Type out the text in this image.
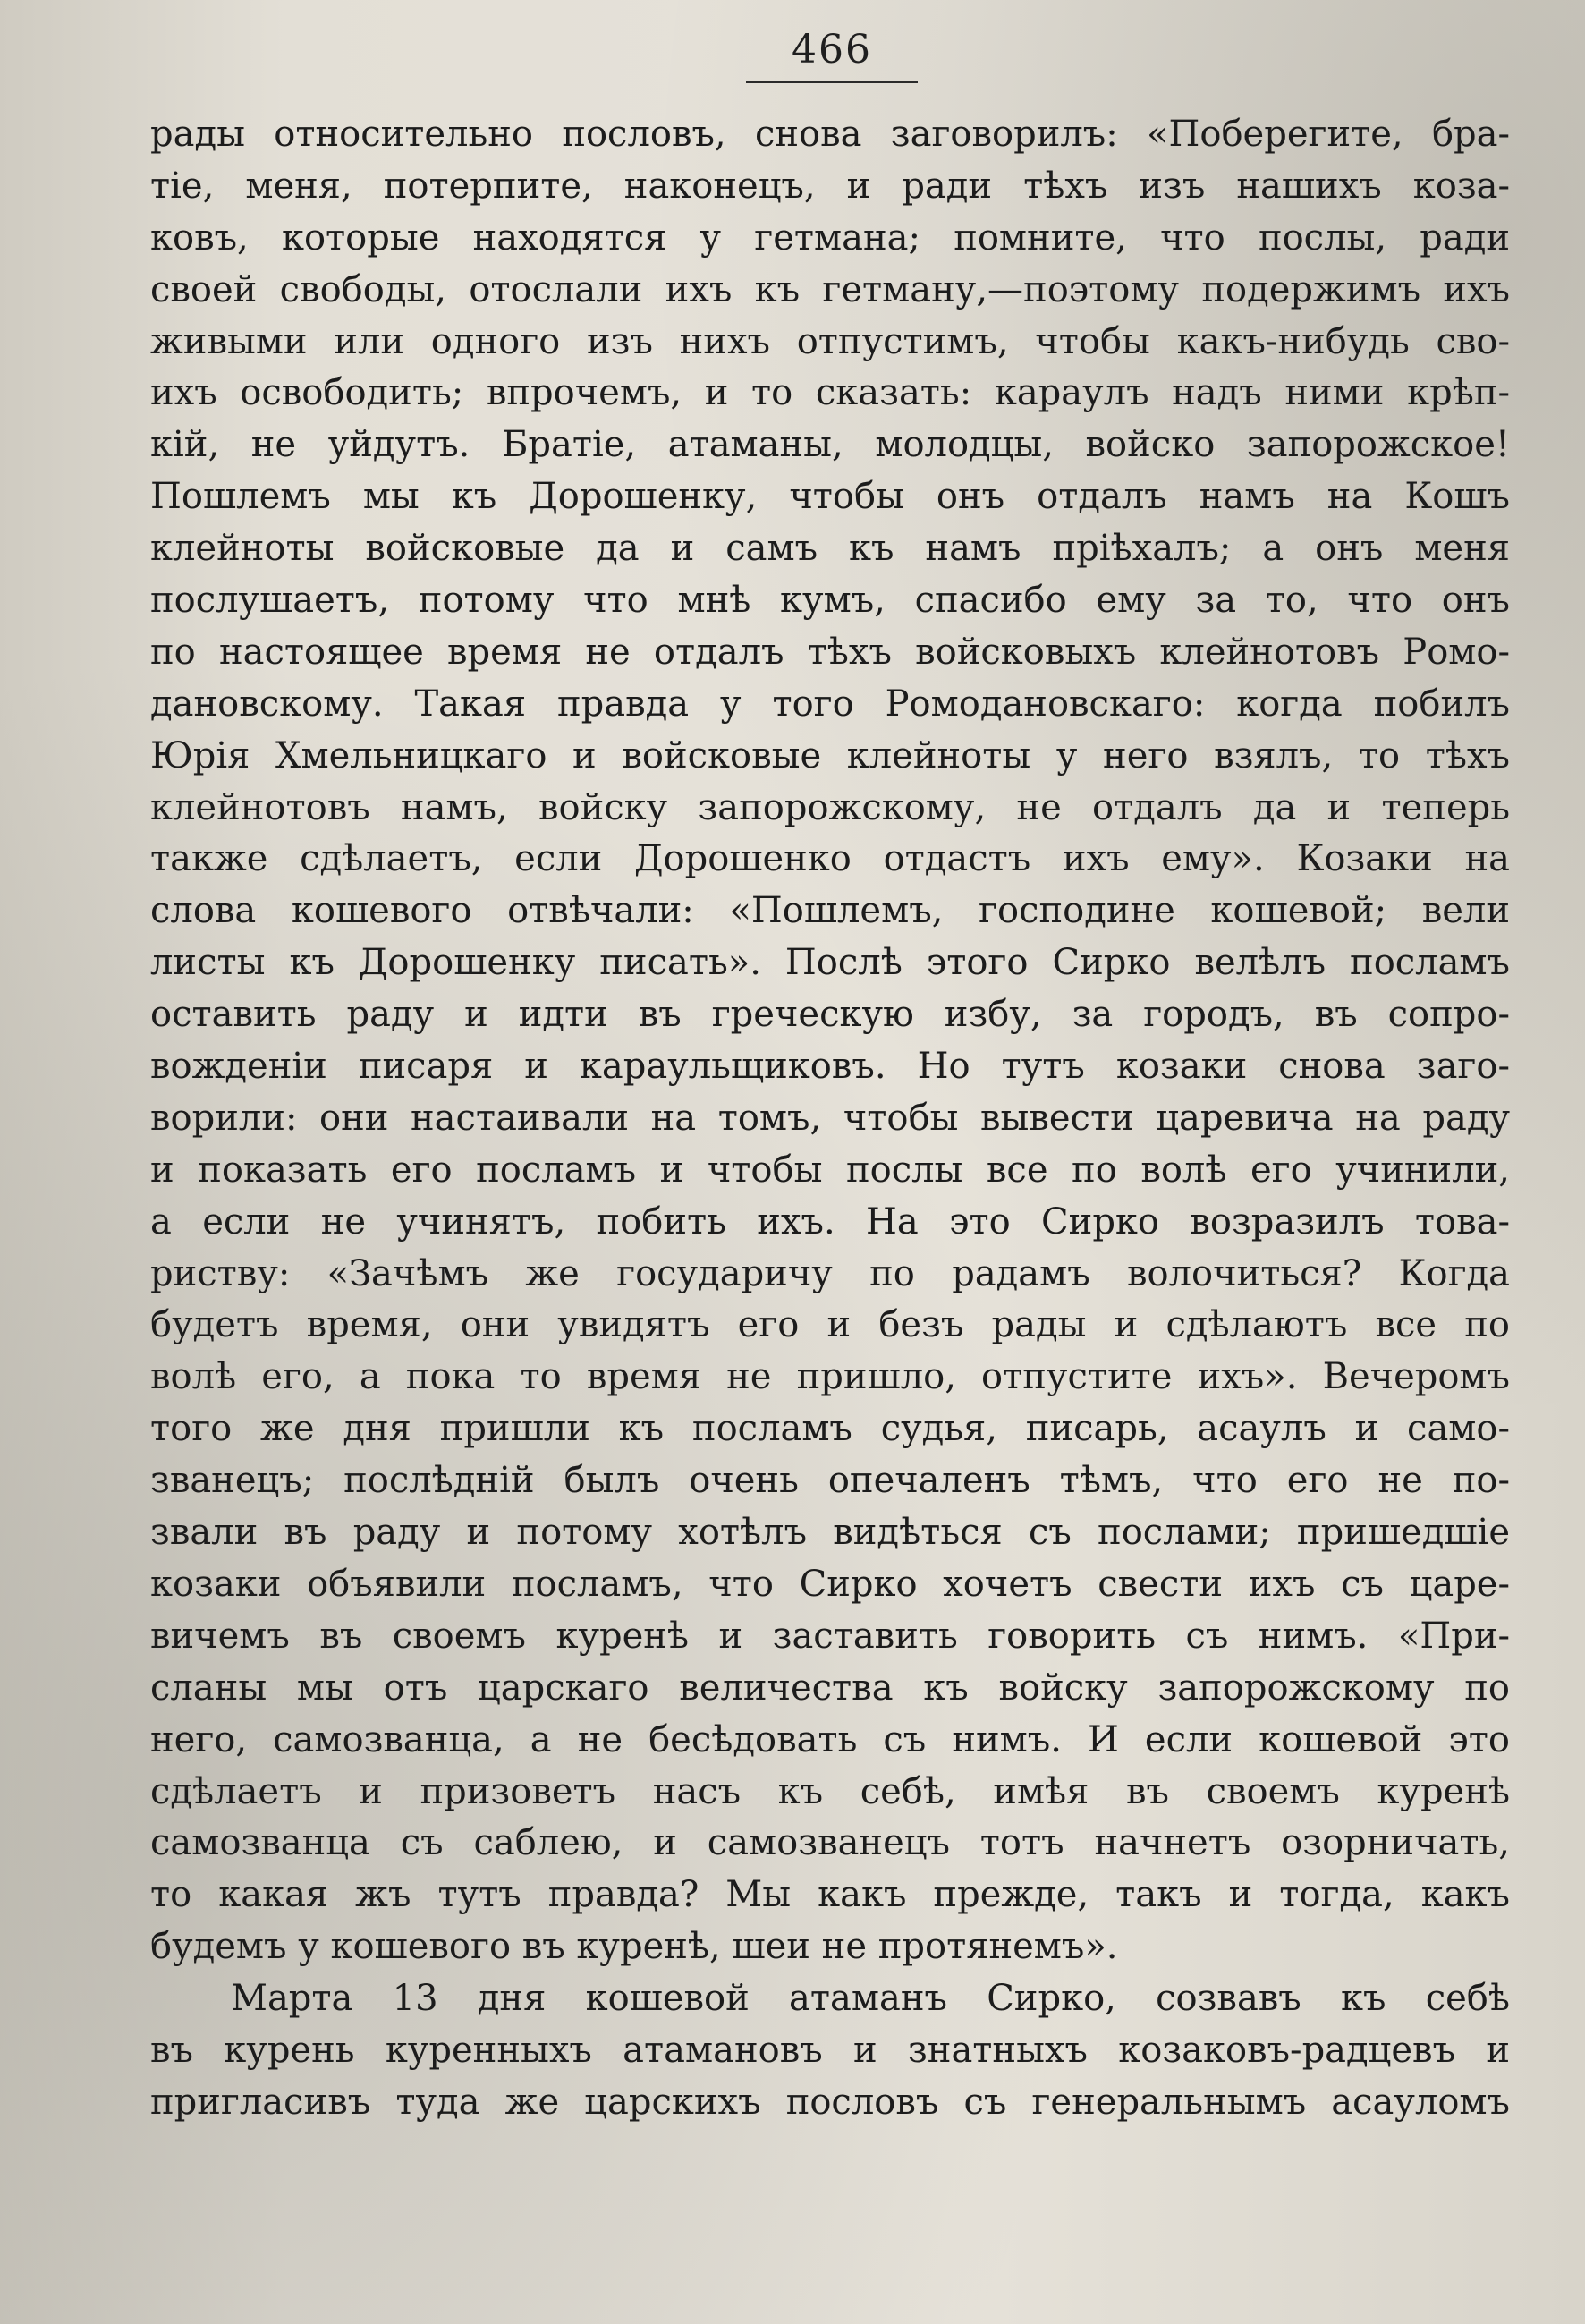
466
рады относительно пословъ, снова заговорилъ: «Поберегите, бра-
тіе, меня, потерпите, наконецъ, и ради тѣхъ изъ нашихъ коза-
ковъ, которые находятся у гетмана; помните, что послы, ради
своей свободы, отослали ихъ къ гетману,—поэтому подержимъ ихъ
живыми или одного изъ нихъ отпустимъ, чтобы какъ-нибудь сво-
ихъ освободить; впрочемъ, и то сказать: караулъ надъ ними крѣп-
кій, не уйдутъ. Братіе, атаманы, молодцы, войско запорожское!
Пошлемъ мы къ Дорошенку, чтобы онъ отдалъ намъ на Кошъ
клейноты войсковые да и самъ къ намъ пріѣхалъ; а онъ меня
послушаетъ, потому что мнѣ кумъ, спасибо ему за то, что онъ
по настоящее время не отдалъ тѣхъ войсковыхъ клейнотовъ Ромо-
дановскому. Такая правда у того Ромодановскаго: когда побилъ
Юрія Хмельницкаго и войсковые клейноты у него взялъ, то тѣхъ
клейнотовъ намъ, войску запорожскому, не отдалъ да и теперь
также сдѣлаетъ, если Дорошенко отдастъ ихъ ему». Козаки на
слова кошевого отвѣчали: «Пошлемъ, господине кошевой; вели
листы къ Дорошенку писать». Послѣ этого Сирко велѣлъ посламъ
оставить раду и идти въ греческую избу, за городъ, въ сопро-
вожденіи писаря и караульщиковъ. Но тутъ козаки снова заго-
ворили: они настаивали на томъ, чтобы вывести царевича на раду
и показать его посламъ и чтобы послы все по волѣ его учинили,
а если не учинятъ, побить ихъ. На это Сирко возразилъ това-
риству: «Зачѣмъ же государичу по радамъ волочиться? Когда
будетъ время, они увидятъ его и безъ рады и сдѣлаютъ все по
волѣ его, а пока то время не пришло, отпустите ихъ». Вечеромъ
того же дня пришли къ посламъ судья, писарь, асаулъ и само-
званецъ; послѣдній былъ очень опечаленъ тѣмъ, что его не по-
звали въ раду и потому хотѣлъ видѣться съ послами; пришедшіе
козаки объявили посламъ, что Сирко хочетъ свести ихъ съ царе-
вичемъ въ своемъ куренѣ и заставить говорить съ нимъ. «При-
сланы мы отъ царскаго величества къ войску запорожскому по
него, самозванца, а не бесѣдовать съ нимъ. И если кошевой это
сдѣлаетъ и призоветъ насъ къ себѣ, имѣя въ своемъ куренѣ
самозванца съ саблею, и самозванецъ тотъ начнетъ озорничать,
то какая жъ тутъ правда? Мы какъ прежде, такъ и тогда, какъ
будемъ у кошевого въ куренѣ, шеи не протянемъ».
Марта 13 дня кошевой атаманъ Сирко, созвавъ къ себѣ
въ курень куренныхъ атамановъ и знатныхъ козаковъ-радцевъ и
пригласивъ туда же царскихъ пословъ съ генеральнымъ асауломъ
